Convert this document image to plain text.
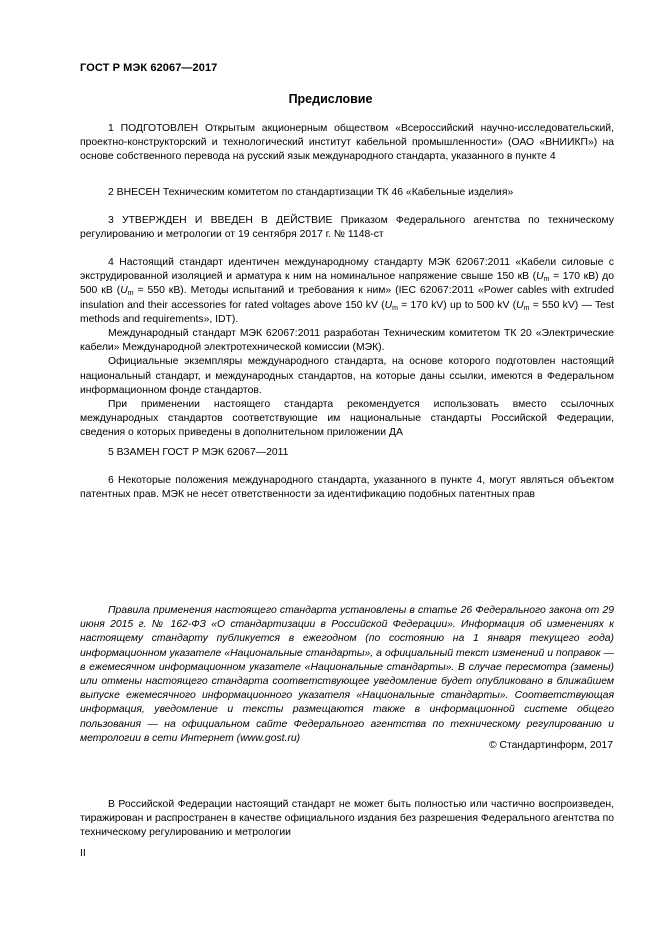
ГОСТ Р МЭК 62067—2017
Предисловие

1 ПОДГОТОВЛЕН Открытым акционерным обществом «Всероссийский научно-исследовательский, проектно-конструкторский и технологический институт кабельной промышленности» (ОАО «ВНИИКП») на основе собственного перевода на русский язык международного стандарта, указанного в пункте 4

2 ВНЕСЕН Техническим комитетом по стандартизации ТК 46 «Кабельные изделия»

3 УТВЕРЖДЕН И ВВЕДЕН В ДЕЙСТВИЕ Приказом Федерального агентства по техническому регулированию и метрологии от 19 сентября 2017 г. № 1148-ст

4 Настоящий стандарт идентичен международному стандарту МЭК 62067:2011 «Кабели силовые с экструдированной изоляцией и арматура к ним на номинальное напряжение свыше 150 кВ ($U_m = 170$ кВ) до 500 кВ ($U_m = 550$ кВ). Методы испытаний и требования к ним» (IEC 62067:2011 «Power cables with extruded insulation and their accessories for rated voltages above 150 kV ($U_m = 170$ kV) up to 500 kV ($U_m = 550$ kV) — Test methods and requirements», IDT).

Международный стандарт МЭК 62067:2011 разработан Техническим комитетом ТК 20 «Электрические кабели» Международной электротехнической комиссии (МЭК).

Официальные экземпляры международного стандарта, на основе которого подготовлен настоящий национальный стандарт, и международных стандартов, на которые даны ссылки, имеются в Федеральном информационном фонде стандартов.

При применении настоящего стандарта рекомендуется использовать вместо ссылочных международных стандартов соответствующие им национальные стандарты Российской Федерации, сведения о которых приведены в дополнительном приложении ДА

5 ВЗАМЕН ГОСТ Р МЭК 62067—2011

6 Некоторые положения международного стандарта, указанного в пункте 4, могут являться объектом патентных прав. МЭК не несет ответственности за идентификацию подобных патентных прав

Правила применения настоящего стандарта установлены в статье 26 Федерального закона от 29 июня 2015 г. № 162-ФЗ «О стандартизации в Российской Федерации». Информация об изменениях к настоящему стандарту публикуется в ежегодном (по состоянию на 1 января текущего года) информационном указателе «Национальные стандарты», а официальный текст изменений и поправок — в ежемесячном информационном указателе «Национальные стандарты». В случае пересмотра (замены) или отмены настоящего стандарта соответствующее уведомление будет опубликовано в ближайшем выпуске ежемесячного информационного указателя «Национальные стандарты». Соответствующая информация, уведомление и тексты размещаются также в информационной системе общего пользования — на официальном сайте Федерального агентства по техническому регулированию и метрологии в сети Интернет (www.gost.ru)

© Стандартинформ, 2017

В Российской Федерации настоящий стандарт не может быть полностью или частично воспроизведен, тиражирован и распространен в качестве официального издания без разрешения Федерального агентства по техническому регулированию и метрологии

II
